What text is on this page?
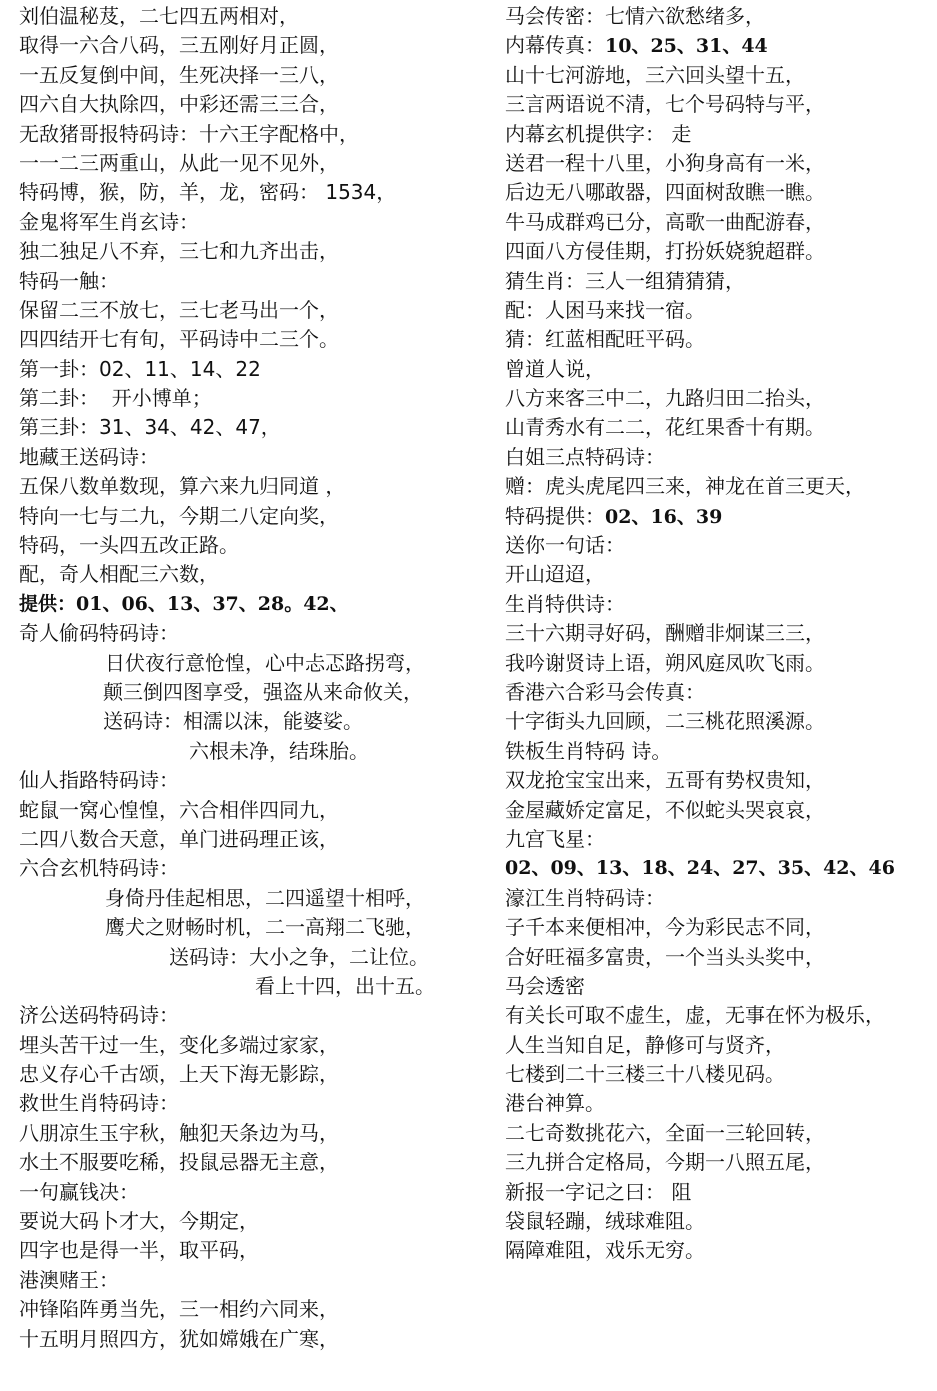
刘伯温秘芨，二七四五两相对，
取得一六合八码，三五刚好月正圆，
一五反复倒中间，生死决择一三八，
四六自大执除四，中彩还需三三合，
无敌猪哥报特码诗：十六王字配格中，
一一二三两重山，从此一见不见外，
特码博，猴，防，羊，龙，密码： 1534，
金鬼将军生肖玄诗：
独二独足八不弃，三七和九齐出击，
特码一触：
保留二三不放七，三七老马出一个，
四四结开七有旬，平码诗中二三个。
第一卦：02、11、14、22
第二卦：  开小博单；
第三卦：31、34、42、47，
地藏王送码诗：
五保八数单数现，算六来九归同道 ，
特向一七与二九，今期二八定向奖，
特码，一头四五改正路。
配，奇人相配三六数，
提供：01、06、13、37、28。42、
奇人偷码特码诗：
日伏夜行意怆惶，心中忐忑路拐弯，
颠三倒四图享受，强盗从来命攸关，
送码诗：相濡以沫，能婆娑。
六根未净，结珠胎。
仙人指路特码诗：
蛇鼠一窝心惶惶，六合相伴四同九，
二四八数合天意，单门进码理正该，
六合玄机特码诗：
身倚丹佳起相思，二四遥望十相呼，
鹰犬之财畅时机，二一高翔二飞驰，
送码诗：大小之争，二让位。
看上十四，出十五。
济公送码特码诗：
埋头苦干过一生，变化多端过家家，
忠义存心千古颂，上天下海无影踪，
救世生肖特码诗：
八朋凉生玉宇秋，触犯天条边为马，
水土不服要吃稀，投鼠忌器无主意，
一句赢钱决：
要说大码卜才大，今期定，
四字也是得一半，取平码，
港澳赌王：
冲锋陷阵勇当先，三一相约六同来，
十五明月照四方，犹如嫦娥在广寒，
马会传密：七情六欲愁绪多，
内幕传真：10、25、31、44
山十七河游地，三六回头望十五，
三言两语说不清，七个号码特与平，
内幕玄机提供字： 走
送君一程十八里，小狗身高有一米，
后边无八哪敢器，四面树敌瞧一瞧。
牛马成群鸡已分，高歌一曲配游春，
四面八方侵佳期，打扮妖娆貌超群。
猜生肖：三人一组猜猜猜，
配：人困马来找一宿。
猜：红蓝相配旺平码。
曾道人说，
八方来客三中二，九路归田二抬头，
山青秀水有二二，花红果香十有期。
白姐三点特码诗：
赠：虎头虎尾四三来，神龙在首三更天，
特码提供：02、16、39
送你一句话：
开山迢迢，
生肖特供诗：
三十六期寻好码，酬赠非炯谋三三，
我吟谢贤诗上语，朔风庭凤吹飞雨。
香港六合彩马会传真：
十字街头九回顾，二三桃花照溪源。
铁板生肖特码 诗。
双龙抢宝宝出来，五哥有势权贵知，
金屋藏娇定富足，不似蛇头哭哀哀，
九宫飞星：
02、09、13、18、24、27、35、42、46
濠江生肖特码诗：
子千本来便相冲，今为彩民志不同，
合好旺福多富贵，一个当头头奖中，
马会透密
有关长可取不虚生，虚，无事在怀为极乐，
人生当知自足，静修可与贤齐，
七楼到二十三楼三十八楼见码。
港台神算。
二七奇数挑花六，全面一三轮回转，
三九拼合定格局，今期一八照五尾，
新报一字记之曰： 阻
袋鼠轻蹦，绒球难阻。
隔障难阻，戏乐无穷。
